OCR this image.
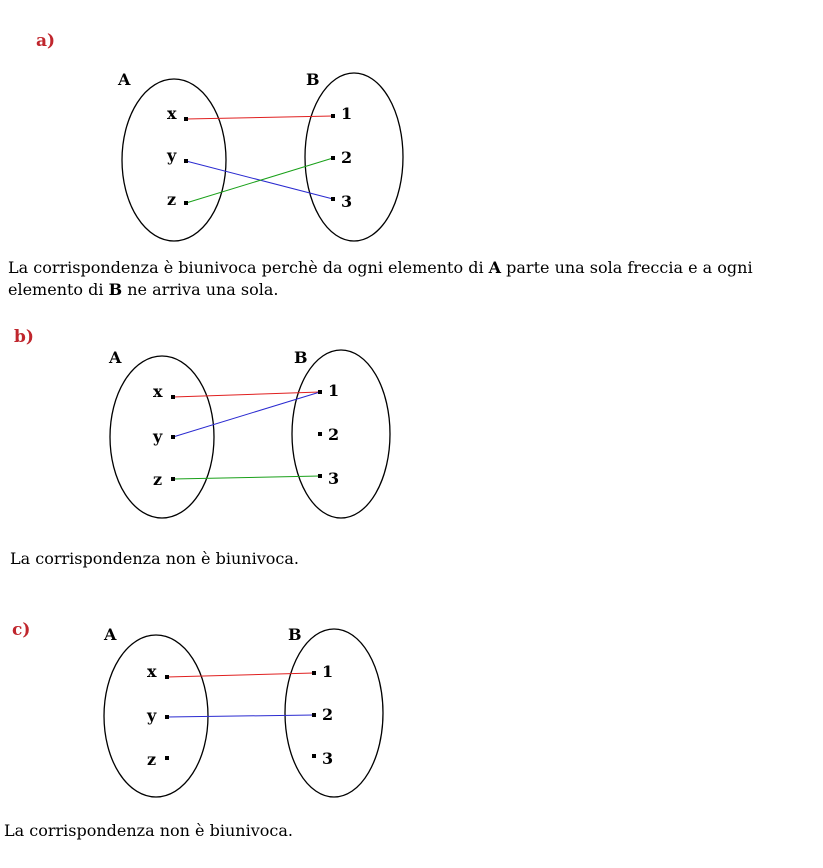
a)
A	B
x
y
z
1
2
3
b)
A	B
x
y
z
1
2
3
c)	A	B
x
y
z
1
2
3
La corrispondenza è biunivoca perchè da ogni elemento di A parte una sola freccia e a ogni elemento di B ne arriva una sola.
La corrispondenza non è biunivoca.
La corrispondenza non è biunivoca.
